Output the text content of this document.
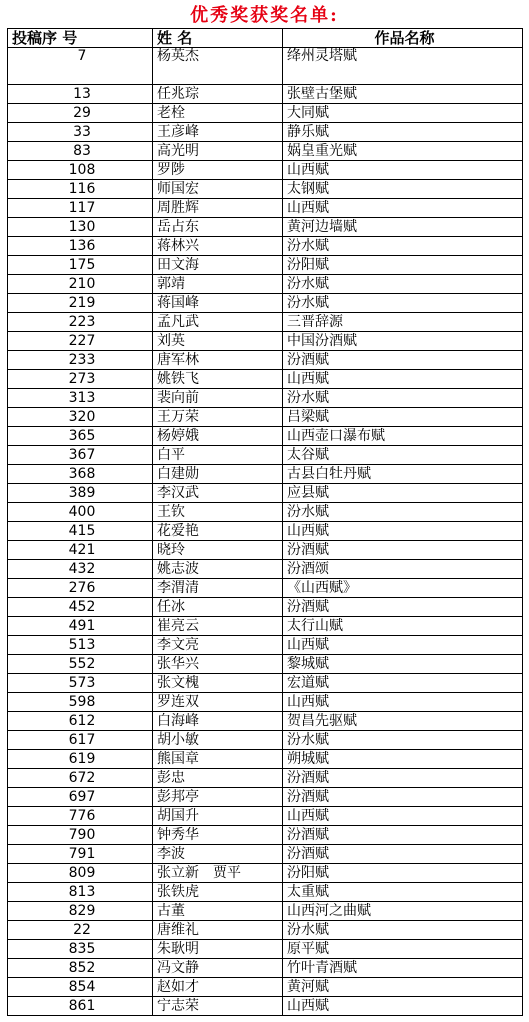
优秀奖获奖名单:
投稿序 号	姓 名	作品名称
7	杨英杰	绛州灵塔赋
13	任兆琮	张壁古堡赋
29	老栓	大同赋
33	王彦峰	静乐赋
83	高光明	娲皇重光赋
108	罗陟	山西赋
116	师国宏	太钢赋
117	周胜辉	山西赋
130	岳占东	黄河边墙赋
136	蒋林兴	汾水赋
175	田文海	汾阳赋
210	郭靖	汾水赋
219	蒋国峰	汾水赋
223	孟凡武	三晋辞源
227	刘英	中国汾酒赋
233	唐军林	汾酒赋
273	姚铁飞	山西赋
313	裴向前	汾水赋
320	王万荣	吕梁赋
365	杨婷娥	山西壶口瀑布赋
367	白平	太谷赋
368	白建勋	古县白牡丹赋
389	李汉武	应县赋
400	王钦	汾水赋
415	花爱艳	山西赋
421	晓玲	汾酒赋
432	姚志波	汾酒颂
276	李渭清	《山西赋》
452	任冰	汾酒赋
491	崔亮云	太行山赋
513	李文亮	山西赋
552	张华兴	黎城赋
573	张文槐	宏道赋
598	罗连双	山西赋
612	白海峰	贺昌先驱赋
617	胡小敏	汾水赋
619	熊国章	朔城赋
672	彭忠	汾酒赋
697	彭邦亭	汾酒赋
776	胡国升	山西赋
790	钟秀华	汾酒赋
791	李波	汾酒赋
809	张立新　贾平	汾阳赋
813	张铁虎	太重赋
829	古董	山西河之曲赋
22	唐维礼	汾水赋
835	朱耿明	原平赋
852	冯文静	竹叶青酒赋
854	赵如才	黄河赋
861	宁志荣	山西赋
